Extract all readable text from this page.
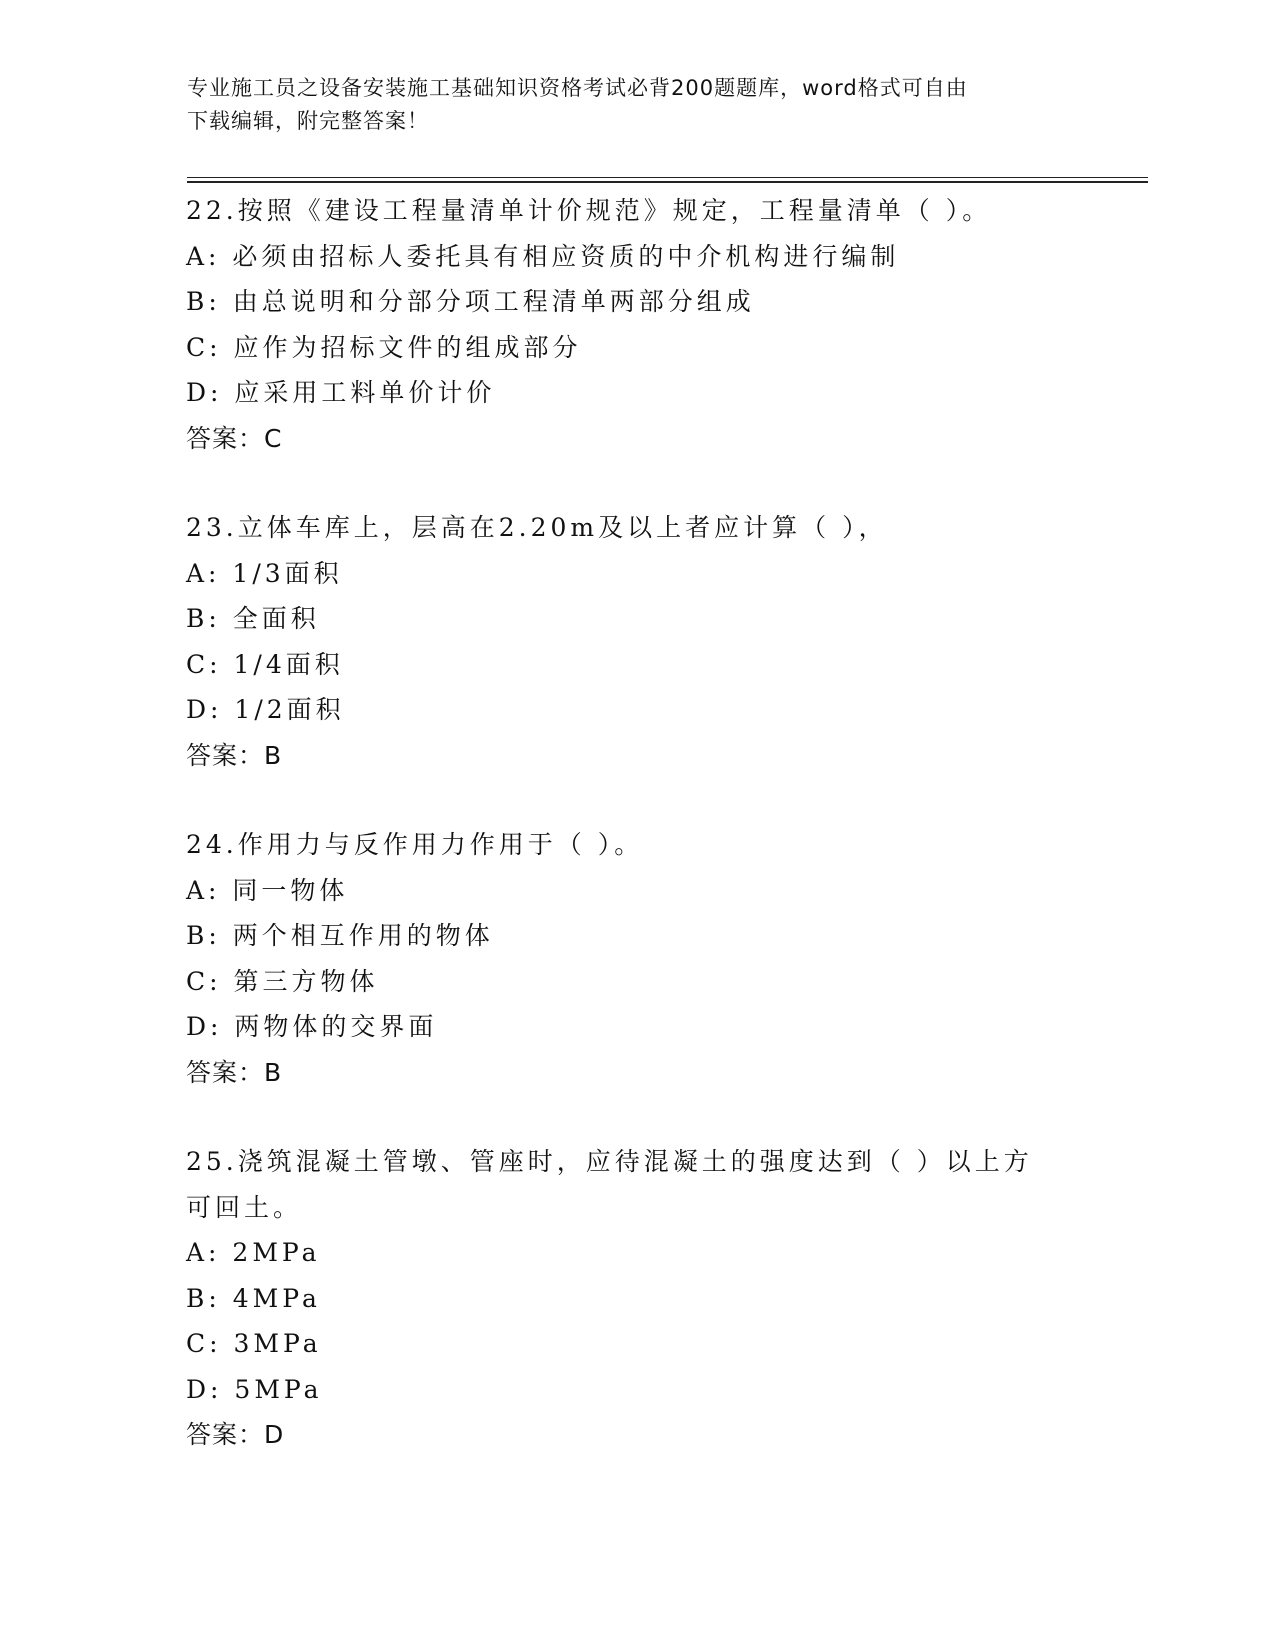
专业施工员之设备安装施工基础知识资格考试必背200题题库，word格式可自由
下载编辑，附完整答案！
22.按照《建设工程量清单计价规范》规定，工程量清单（ ）。
A: 必须由招标人委托具有相应资质的中介机构进行编制
B: 由总说明和分部分项工程清单两部分组成
C: 应作为招标文件的组成部分
D: 应采用工料单价计价
答案：C
23.立体车库上，层高在2.20m及以上者应计算（ ），
A: 1/3面积
B: 全面积
C: 1/4面积
D: 1/2面积
答案：B
24.作用力与反作用力作用于（ ）。
A: 同一物体
B: 两个相互作用的物体
C: 第三方物体
D: 两物体的交界面
答案：B
25.浇筑混凝土管墩、管座时，应待混凝土的强度达到（ ）以上方可回土。
A: 2MPa
B: 4MPa
C: 3MPa
D: 5MPa
答案：D
